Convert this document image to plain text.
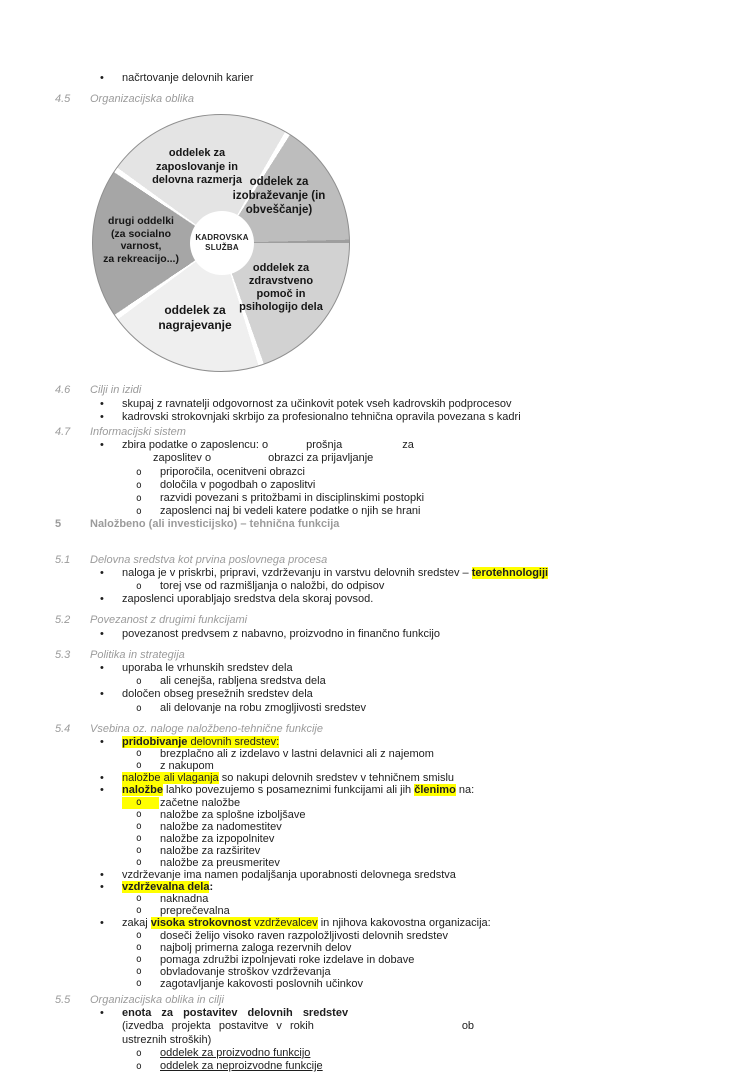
•
načrtovanje delovnih karier
4.5 Organizacijska oblika
oddelek za
zaposlovanje in
delovna razmerja oddelek za
izobraževanje (in
obveščanje)
oddelek za
zdravstveno
pomoč in
psihologijo dela
oddelek za
nagrajevanje
drugi oddelki
(za socialno
varnost,
za rekreacijo...)
KADROVSKA
SLUŽBA
4.6 Cilji in izidi
•
skupaj z ravnatelji odgovornost za učinkovit potek vseh kadrovskih podprocesov
•
kadrovski strokovnjaki skrbijo za profesionalno tehnična opravila povezana s kadri
4.7 Informacijski sistem
•
zbira podatke o zaposlencu: o	prošnja	za
zaposlitev o	obrazci za prijavljanje
o
priporočila, ocenitveni obrazci
o
določila v pogodbah o zaposlitvi
o
razvidi povezani s pritožbami in disciplinskimi postopki
o
zaposlenci naj bi vedeli katere podatke o njih se hrani
5	Naložbeno (ali investicijsko) – tehnična funkcija
5.1 Delovna sredstva kot prvina poslovnega procesa
•
naloga je v priskrbi, pripravi, vzdrževanju in varstvu delovnih sredstev – terotehnologiji
o
torej vse od razmišljanja o naložbi, do odpisov
•
zaposlenci uporabljajo sredstva dela skoraj povsod.
5.2 Povezanost z drugimi funkcijami
•
povezanost predvsem z nabavno, proizvodno in finančno funkcijo
5.3 Politika in strategija
•
uporaba le vrhunskih sredstev dela
o
ali cenejša, rabljena sredstva dela
•
določen obseg presežnih sredstev dela
o
ali delovanje na robu zmogljivosti sredstev
5.4 Vsebina oz. naloge naložbeno-tehnične funkcije
•
pridobivanje delovnih sredstev:
o
brezplačno ali z izdelavo v lastni delavnici ali z najemom
o
z nakupom
•
naložbe ali vlaganja so nakupi delovnih sredstev v tehničnem smislu
•
naložbe lahko povezujemo s posameznimi funkcijami ali jih členimo na:
o
začetne naložbe
o
naložbe za splošne izboljšave
o
naložbe za nadomestitev
o
naložbe za izpopolnitev
o
naložbe za razširitev
o
naložbe za preusmeritev
•
vzdrževanje ima namen podaljšanja uporabnosti delovnega sredstva
•
vzdrževalna dela:
o
naknadna
o
preprečevalna
•
zakaj visoka strokovnost vzdrževalcev in njihova kakovostna organizacija:
o
doseči želijo visoko raven razpoložljivosti delovnih sredstev
o
najbolj primerna zaloga rezervnih delov
o
pomaga združbi izpolnjevati roke izdelave in dobave
o
obvladovanje stroškov vzdrževanja
o
zagotavljanje kakovosti poslovnih učinkov
5.5 Organizacijska oblika in cilji
•
enota za postavitev delovnih sredstev
(izvedba projekta postavitve v rokih	ob
ustreznih stroških)
o
oddelek za proizvodno funkcijo
o
oddelek za neproizvodne funkcije
